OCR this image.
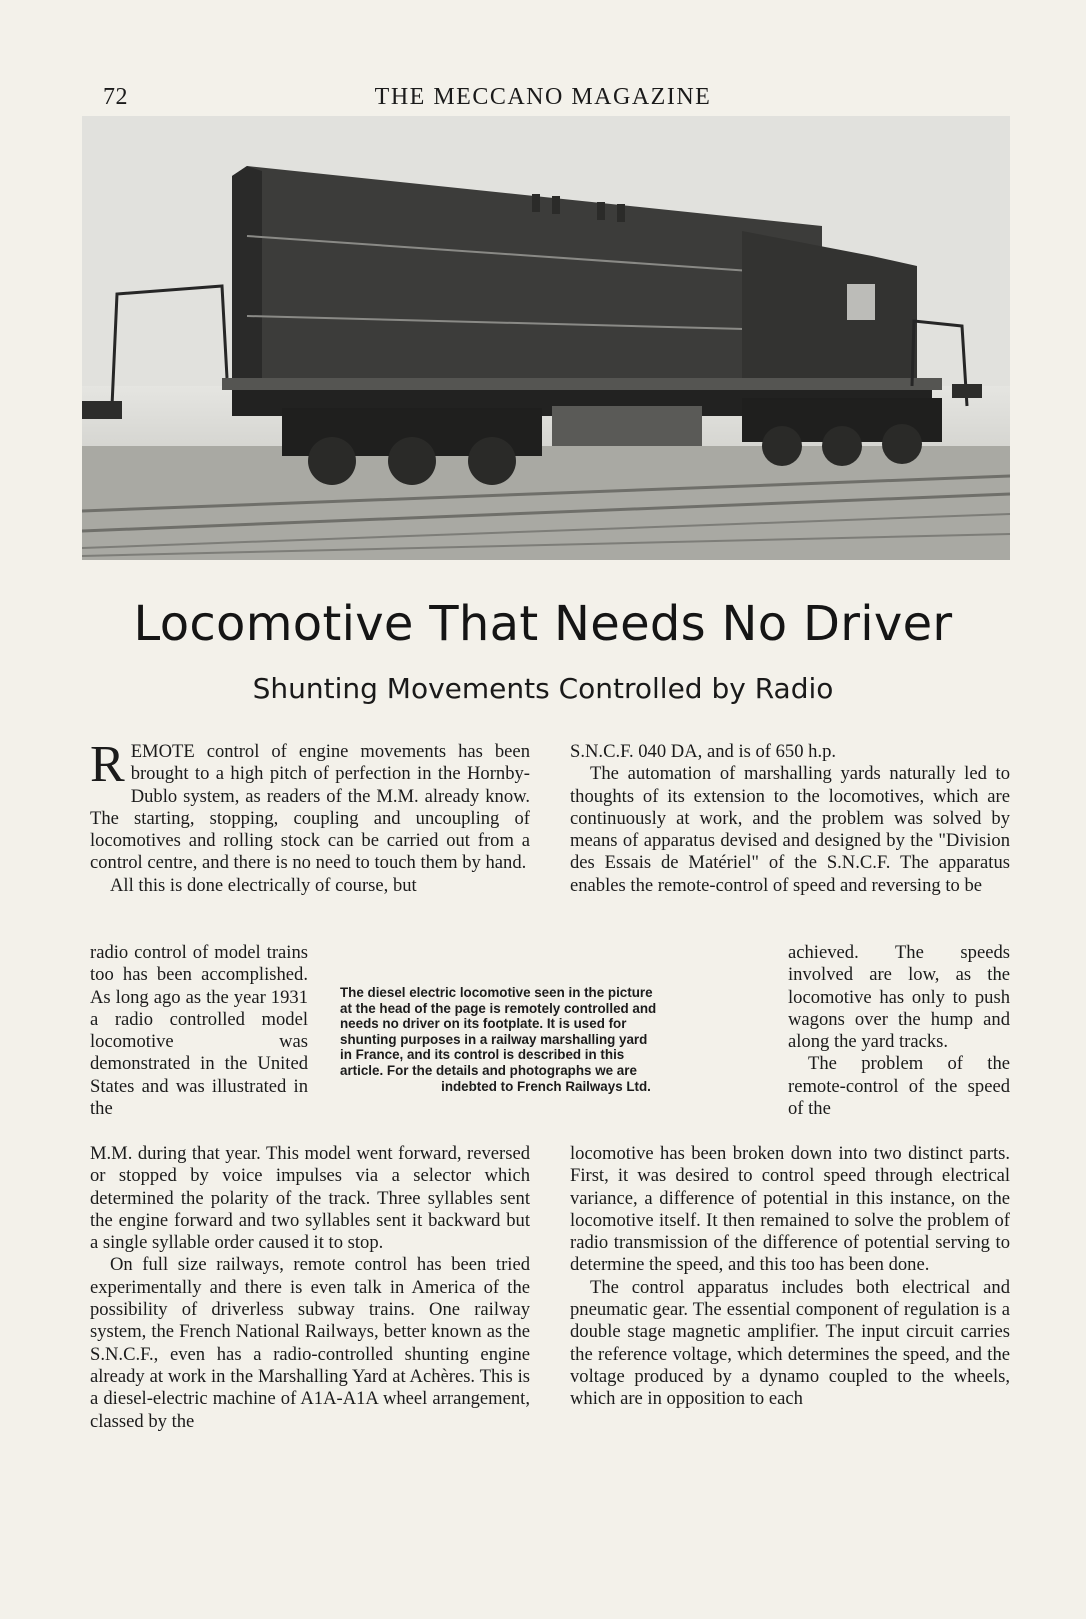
72	THE MECCANO MAGAZINE
Locomotive That Needs No Driver
Shunting Movements Controlled by Radio

REMOTE control of engine movements has been brought to a high pitch of perfection in the Hornby-Dublo system, as readers of the M.M. already know. The starting, stopping, coupling and uncoupling of locomotives and rolling stock can be carried out from a control centre, and there is no need to touch them by hand.

All this is done electrically of course, but

radio control of model trains too has been accomplished. As long ago as the year 1931 a radio controlled model locomotive was demonstrated in the United States and was illustrated in the

The diesel electric locomotive seen in the picture
at the head of the page is remotely controlled and
needs no driver on its footplate. It is used for
shunting purposes in a railway marshalling yard
in France, and its control is described in this
article. For the details and photographs we are
indebted to French Railways Ltd.

M.M. during that year. This model went forward, reversed or stopped by voice impulses via a selector which determined the polarity of the track. Three syllables sent the engine forward and two syllables sent it backward but a single syllable order caused it to stop.

On full size railways, remote control has been tried experimentally and there is even talk in America of the possibility of driverless subway trains. One railway system, the French National Railways, better known as the S.N.C.F., even has a radio-controlled shunting engine already at work in the Marshalling Yard at Achères. This is a diesel-electric machine of A1A-A1A wheel arrangement, classed by the

S.N.C.F. 040 DA, and is of 650 h.p.

The automation of marshalling yards naturally led to thoughts of its extension to the locomotives, which are continuously at work, and the problem was solved by means of apparatus devised and designed by the "Division des Essais de Matériel" of the S.N.C.F. The apparatus enables the remote-control of speed and reversing to be

achieved. The speeds involved are low, as the locomotive has only to push wagons over the hump and along the yard tracks.

The problem of the remote-control of the speed of the

locomotive has been broken down into two distinct parts. First, it was desired to control speed through electrical variance, a difference of potential in this instance, on the locomotive itself. It then remained to solve the problem of radio transmission of the difference of potential serving to determine the speed, and this too has been done.

The control apparatus includes both electrical and pneumatic gear. The essential component of regulation is a double stage magnetic amplifier. The input circuit carries the reference voltage, which determines the speed, and the voltage produced by a dynamo coupled to the wheels, which are in opposition to each
